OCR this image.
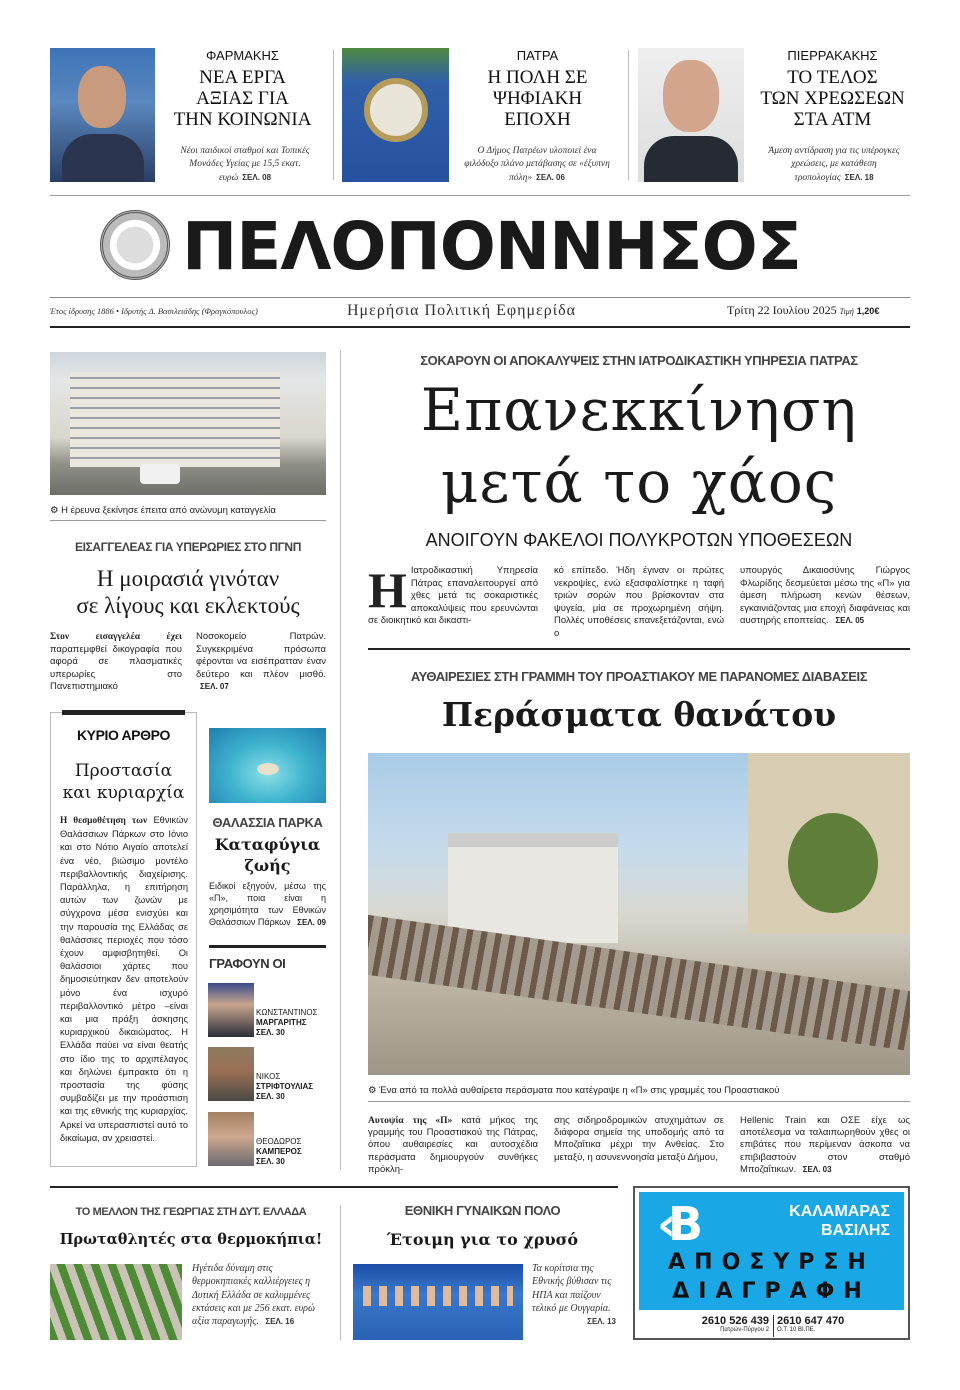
ΦΑΡΜΑΚΗΣ
ΝΕΑ ΕΡΓΑ
ΑΞΙΑΣ ΓΙΑ
ΤΗΝ ΚΟΙΝΩΝΙΑ
Νέοι παιδικοί σταθμοί και Τοπικές Μονάδες Υγείας με 15,5 εκατ. ευρώ ΣΕΛ. 08
ΠΑΤΡΑ
Η ΠΟΛΗ ΣΕ
ΨΗΦΙΑΚΗ
ΕΠΟΧΗ
Ο Δήμος Πατρέων υλοποιεί ένα φιλόδοξο πλάνο μετάβασης σε «έξυπνη πόλη» ΣΕΛ. 06
ΠΙΕΡΡΑΚΑΚΗΣ
ΤΟ ΤΕΛΟΣ
ΤΩΝ ΧΡΕΩΣΕΩΝ
ΣΤΑ ΑΤΜ
Άμεση αντίδραση για τις υπέρογκες χρεώσεις, με κατάθεση τροπολογίας ΣΕΛ. 18
ΠΕΛΟΠΟΝΝΗΣΟΣ
Έτος ίδρυσης 1886 • Ιδρυτής Δ. Βασιλειάδης (Φραγκόπουλος)	Ημερήσια Πολιτική Εφημερίδα	Τρίτη 22 Ιουλίου 2025 Τιμή 1,20€
⚙ Η έρευνα ξεκίνησε έπειτα από ανώνυμη καταγγελία
ΕΙΣΑΓΓΕΛΕΑΣ ΓΙΑ ΥΠΕΡΩΡΙΕΣ ΣΤΟ ΠΓΝΠ
Η μοιρασιά γινόταν
σε λίγους και εκλεκτούς
Στον εισαγγελέα έχει παραπεμφθεί δικογραφία που αφορά σε πλασματικές υπερωρίες στο Πανεπιστημιακό
Νοσοκομείο Πατρών. Συγκεκριμένα πρόσωπα φέρονται να εισέπρατταν έναν δεύτερο και πλέον μισθό. ΣΕΛ. 07
ΣΟΚΑΡΟΥΝ ΟΙ ΑΠΟΚΑΛΥΨΕΙΣ ΣΤΗΝ ΙΑΤΡΟΔΙΚΑΣΤΙΚΗ ΥΠΗΡΕΣΙΑ ΠΑΤΡΑΣ
Επανεκκίνηση
μετά το χάος
ΑΝΟΙΓΟΥΝ ΦΑΚΕΛΟΙ ΠΟΛΥΚΡΟΤΩΝ ΥΠΟΘΕΣΕΩΝ
Η Ιατροδικαστική Υπηρεσία Πάτρας επαναλειτουργεί από χθες μετά τις σοκαριστικές αποκαλύψεις που ερευνώνται σε διοικητικό και δικαστι-
κό επίπεδο. Ήδη έγιναν οι πρώτες νεκροψίες, ενώ εξασφαλίστηκε η ταφή τριών σορών που βρίσκονταν στα ψυγεία, μία σε προχωρημένη σήψη. Πολλές υποθέσεις επανεξετάζονται, ενώ ο
υπουργός Δικαιοσύνης Γιώργος Φλωρίδης δεσμεύεται μέσω της «Π» για άμεση πλήρωση κενών θέσεων, εγκαινιάζοντας μια εποχή διαφάνειας και αυστηρής εποπτείας. ΣΕΛ. 05
ΑΥΘΑΙΡΕΣΙΕΣ ΣΤΗ ΓΡΑΜΜΗ ΤΟΥ ΠΡΟΑΣΤΙΑΚΟΥ ΜΕ ΠΑΡΑΝΟΜΕΣ ΔΙΑΒΑΣΕΙΣ
Περάσματα θανάτου
⚙ Ένα από τα πολλά αυθαίρετα περάσματα που κατέγραψε η «Π» στις γραμμές του Προαστιακού
Αυτοψία της «Π» κατά μήκος της γραμμής του Προαστιακού της Πάτρας, όπου αυθαιρεσίες και αυτοσχέδια περάσματα δημιουργούν συνθήκες πρόκλη-
σης σιδηροδρομικών ατυχημάτων σε διάφορα σημεία της υποδομής από τα Μποζαΐτικα μέχρι την Ανθείας. Στο μεταξύ, η ασυνεννοησία μεταξύ Δήμου,
Hellenic Train και ΟΣΕ είχε ως αποτέλεσμα να ταλαιπωρηθούν χθες οι επιβάτες που περίμεναν άσκοπα να επιβιβαστούν στον σταθμό Μποζαΐτικων. ΣΕΛ. 03
ΚΥΡΙΟ ΑΡΘΡΟ
Προστασία
και κυριαρχία
Η θεσμοθέτηση των Εθνικών Θαλάσσιων Πάρκων στο Ιόνιο και στο Νότιο Αιγαίο αποτελεί ένα νέο, βιώσιμο μοντέλο περιβαλλοντικής διαχείρισης. Παράλληλα, η επιτήρηση αυτών των ζωνών με σύγχρονα μέσα ενισχύει και την παρουσία της Ελλάδας σε θαλάσσιες περιοχές που τόσο έχουν αμφισβητηθεί. Οι θαλάσσιοι χάρτες που δημοσιεύτηκαν δεν αποτελούν μόνο ένα ισχυρό περιβαλλοντικό μέτρο –είναι και μια πράξη άσκησης κυριαρχικού δικαιώματος. Η Ελλάδα παύει να είναι θεατής στο ίδιο της το αρχιπέλαγος και δηλώνει έμπρακτα ότι η προστασία της φύσης συμβαδίζει με την προάσπιση και της εθνικής της κυριαρχίας. Αρκεί να υπερασπιστεί αυτό το δικαίωμα, αν χρειαστεί.
ΘΑΛΑΣΣΙΑ ΠΑΡΚΑ
Καταφύγια
ζωής
Ειδικοί εξηγούν, μέσω της «Π», ποια είναι η χρησιμότητα των Εθνικών Θαλάσσιων Πάρκων ΣΕΛ. 09
ΓΡΑΦΟΥΝ ΟΙ
ΚΩΝΣΤΑΝΤΙΝΟΣ
ΜΑΡΓΑΡΙΤΗΣ
ΣΕΛ. 30
ΝΙΚΟΣ
ΣΤΡΙΦΤΟΥΛΙΑΣ
ΣΕΛ. 30
ΘΕΟΔΩΡΟΣ
ΚΑΜΠΕΡΟΣ
ΣΕΛ. 30
ΤΟ ΜΕΛΛΟΝ ΤΗΣ ΓΕΩΡΓΙΑΣ ΣΤΗ ΔΥΤ. ΕΛΛΑΔΑ
Πρωταθλητές στα θερμοκήπια!
Ηγέτιδα δύναμη στις θερμοκηπιακές καλλιέργειες η Δυτική Ελλάδα σε καλυμμένες εκτάσεις και με 256 εκατ. ευρώ αξία παραγωγής. ΣΕΛ. 16
ΕΘΝΙΚΗ ΓΥΝΑΙΚΩΝ ΠΟΛΟ
Έτοιμη για το χρυσό
Τα κορίτσια της Εθνικής βύθισαν τις ΗΠΑ και παίζουν τελικό με Ουγγαρία.
ΣΕΛ. 13
‹B	ΚΑΛΑΜΑΡΑΣ
ΒΑΣΙΛΗΣ
ΑΠΟΣΥΡΣΗ
ΔΙΑΓΡΑΦΗ
2610 526 439
Πατρών-Πύργου 2
2610 647 470
Ο.Τ. 10 ΒΙ.ΠΕ.
